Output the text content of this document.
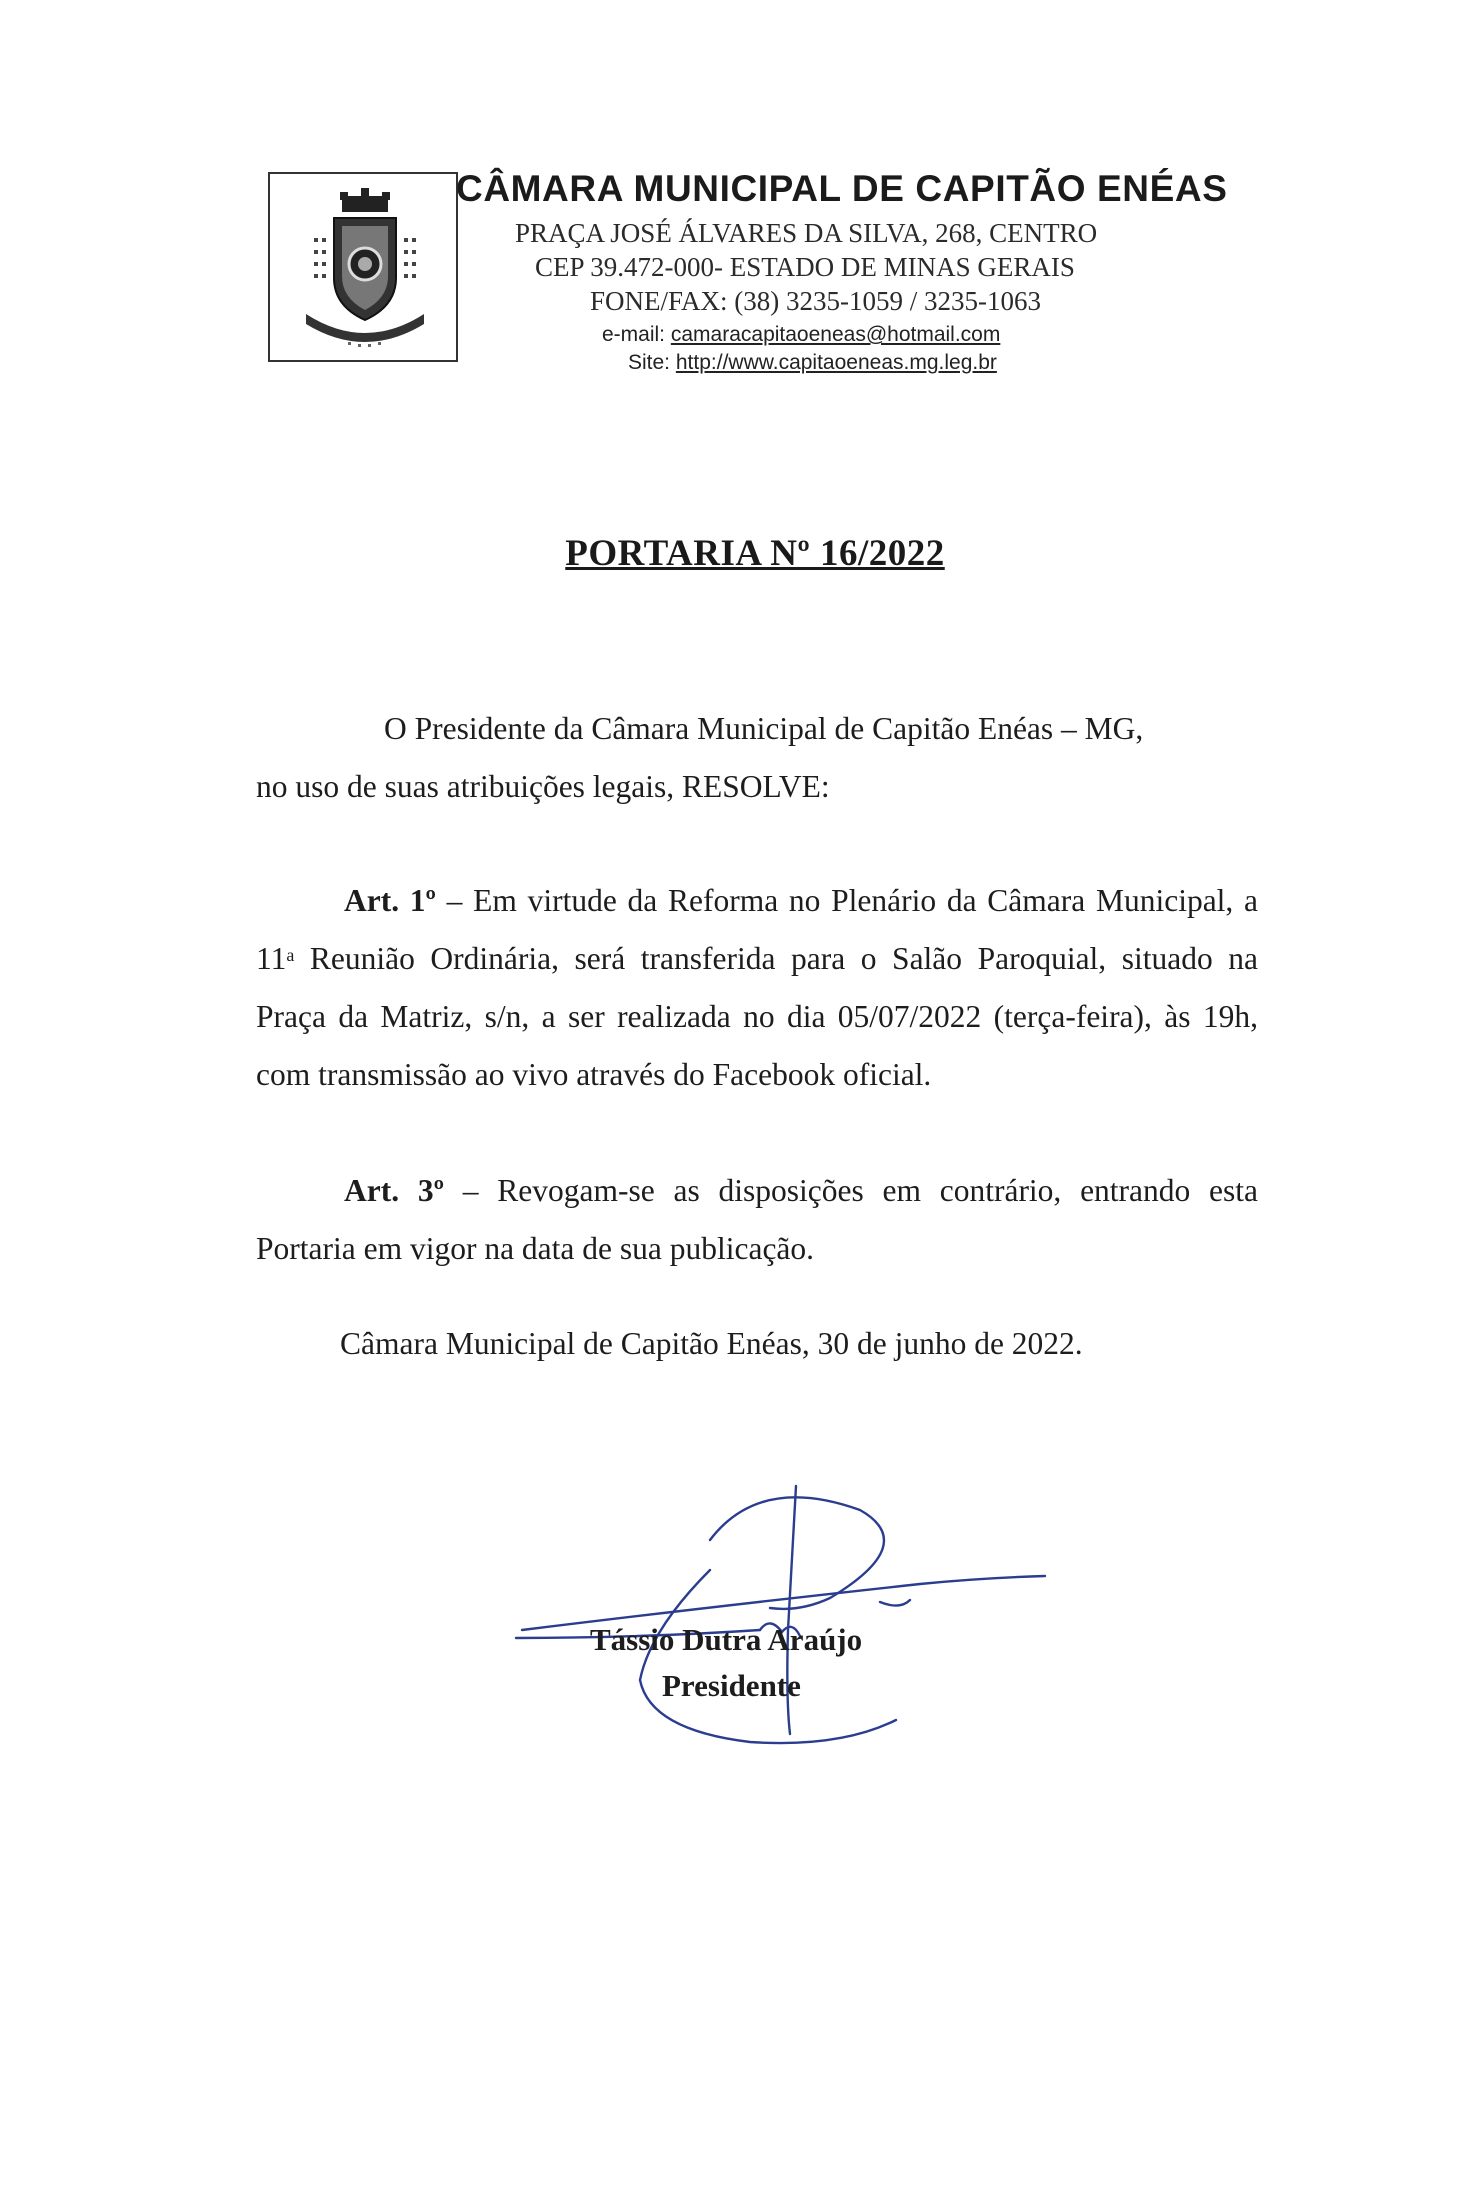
CÂMARA MUNICIPAL DE CAPITÃO ENÉAS
PRAÇA JOSÉ ÁLVARES DA SILVA, 268, CENTRO
CEP 39.472-000- ESTADO DE MINAS GERAIS
FONE/FAX: (38) 3235-1059 / 3235-1063
e-mail: camaracapitaoeneas@hotmail.com
Site: http://www.capitaoeneas.mg.leg.br
PORTARIA Nº 16/2022
O Presidente da Câmara Municipal de Capitão Enéas – MG,
no uso de suas atribuições legais, RESOLVE:
Art. 1º – Em virtude da Reforma no Plenário da Câmara Municipal, a 11$^a$ Reunião Ordinária, será transferida para o Salão Paroquial, situado na Praça da Matriz, s/n, a ser realizada no dia 05/07/2022 (terça-feira), às 19h, com transmissão ao vivo através do Facebook oficial.
Art. 3º – Revogam-se as disposições em contrário, entrando esta Portaria em vigor na data de sua publicação.
Câmara Municipal de Capitão Enéas, 30 de junho de 2022.
Tássio Dutra Araújo
Presidente
